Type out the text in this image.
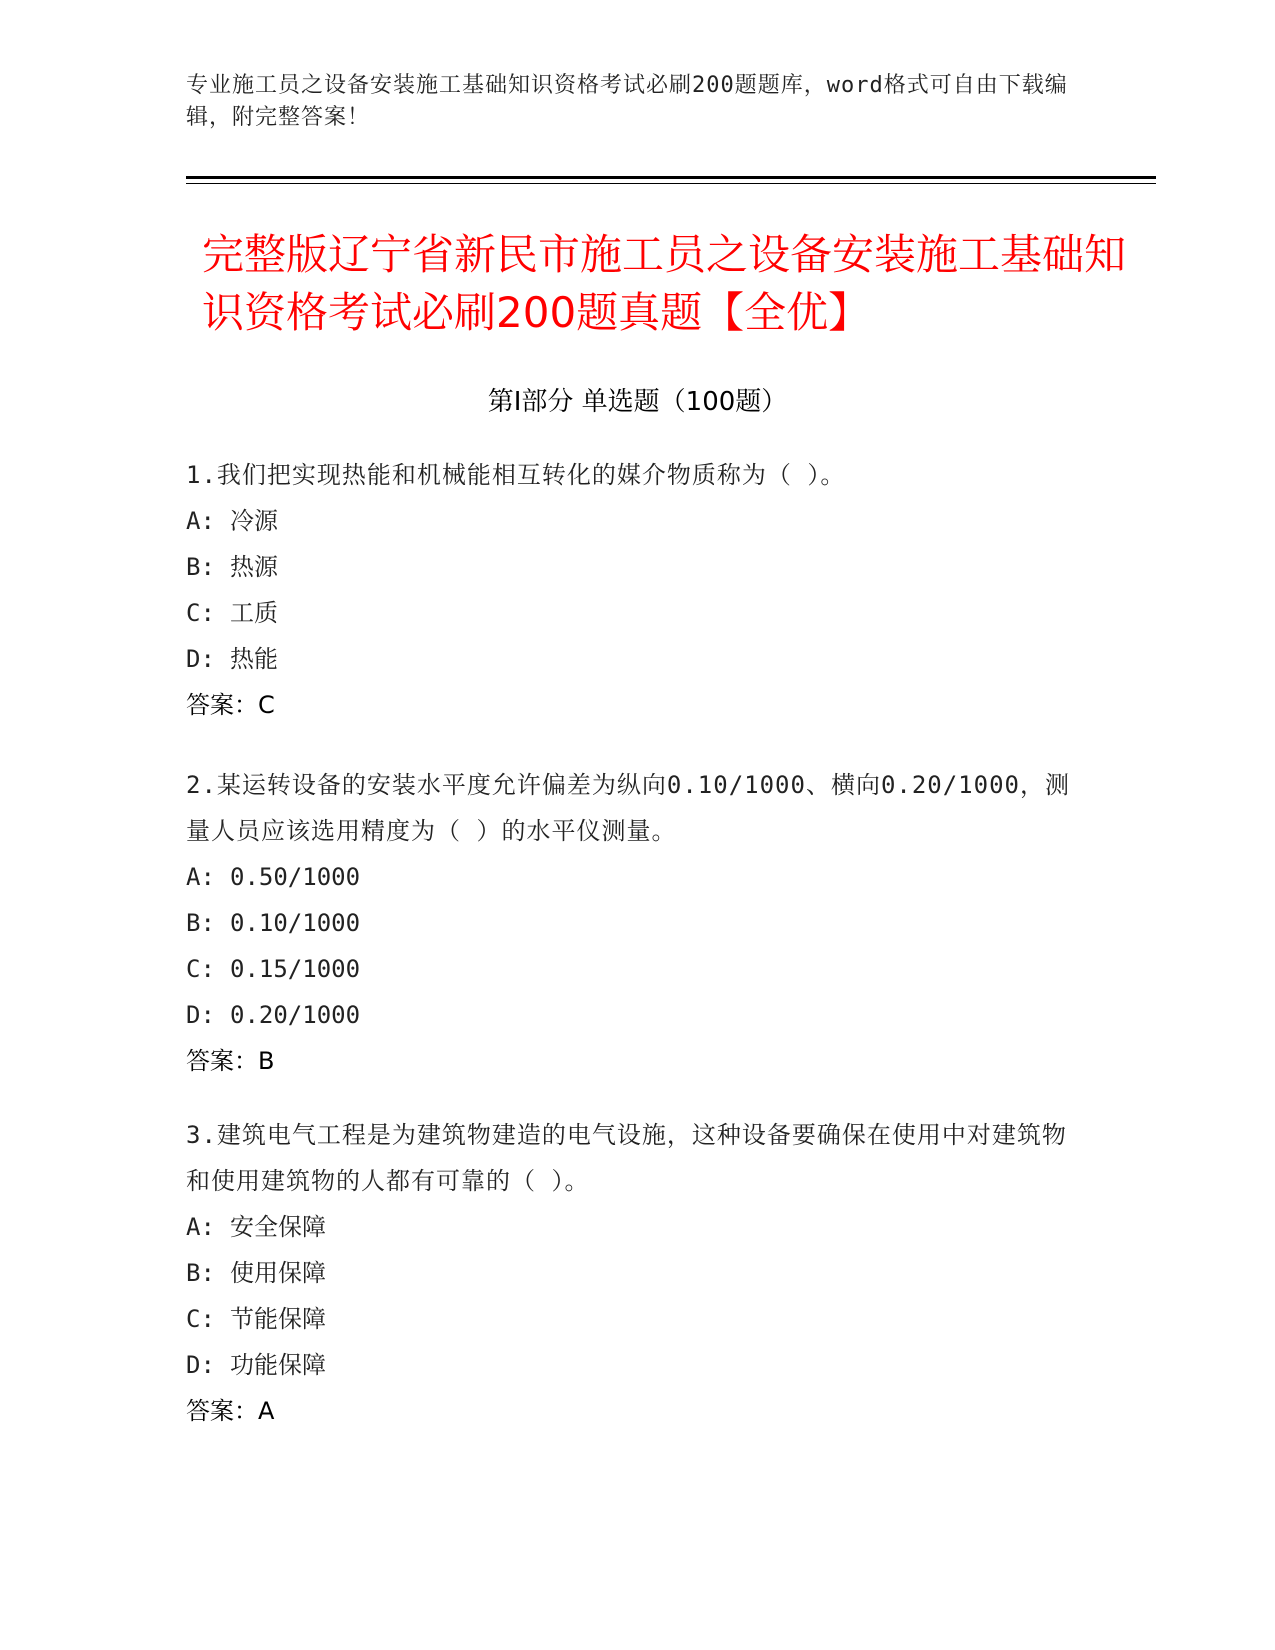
专业施工员之设备安装施工基础知识资格考试必刷200题题库，word格式可自由下载编辑，附完整答案！
完整版辽宁省新民市施工员之设备安装施工基础知识资格考试必刷200题真题【全优】
第Ⅰ部分 单选题（100题）
1.我们把实现热能和机械能相互转化的媒介物质称为（ ）。
A: 冷源
B: 热源
C: 工质
D: 热能
答案：C
2.某运转设备的安装水平度允许偏差为纵向0.10/1000、横向0.20/1000，测量人员应该选用精度为（ ）的水平仪测量。
A: 0.50/1000
B: 0.10/1000
C: 0.15/1000
D: 0.20/1000
答案：B
3.建筑电气工程是为建筑物建造的电气设施，这种设备要确保在使用中对建筑物和使用建筑物的人都有可靠的（ ）。
A: 安全保障
B: 使用保障
C: 节能保障
D: 功能保障
答案：A
